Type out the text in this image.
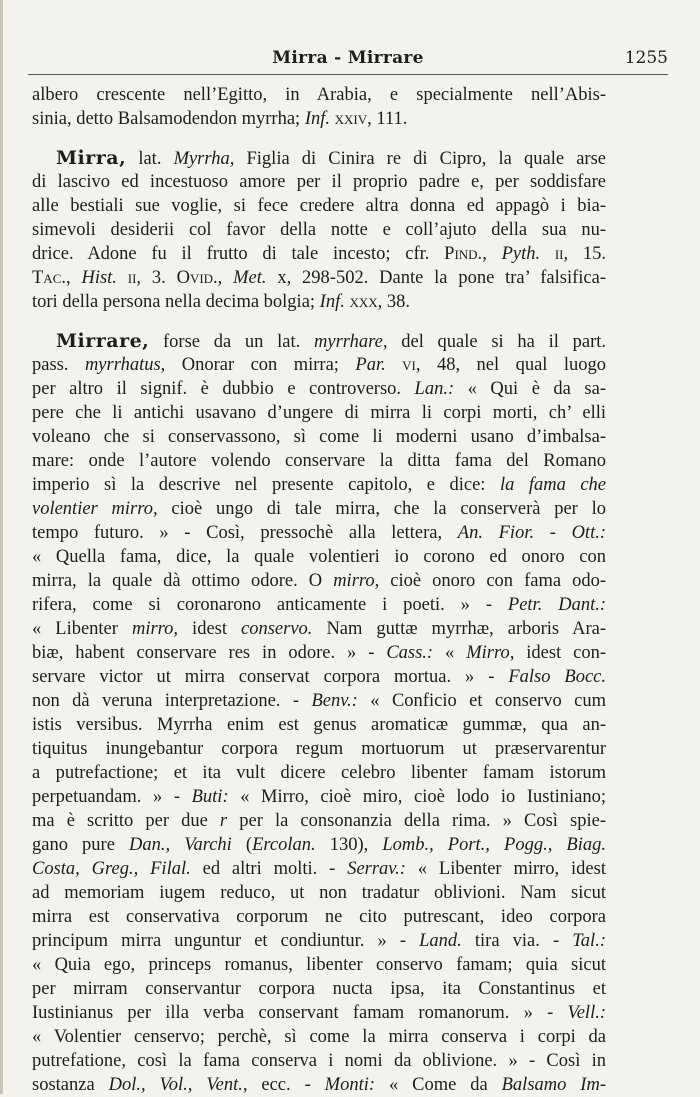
Mirra - Mirrare	1255
albero crescente nell’Egitto, in Arabia, e specialmente nell’Abis-
sinia, detto Balsamodendon myrrha; Inf. xxiv, 111.
Mirra, lat. Myrrha, Figlia di Cinira re di Cipro, la quale arse
di lascivo ed incestuoso amore per il proprio padre e, per soddisfare
alle bestiali sue voglie, si fece credere altra donna ed appagò i bia-
simevoli desiderii col favor della notte e coll’ajuto della sua nu-
drice. Adone fu il frutto di tale incesto; cfr. Pind., Pyth. ii, 15.
Tac., Hist. ii, 3. Ovid., Met. x, 298-502. Dante la pone tra’ falsifica-
tori della persona nella decima bolgia; Inf. xxx, 38.
Mirrare, forse da un lat. myrrhare, del quale si ha il part.
pass. myrrhatus, Onorar con mirra; Par. vi, 48, nel qual luogo
per altro il signif. è dubbio e controverso. Lan.: « Qui è da sa-
pere che li antichi usavano d’ungere di mirra li corpi morti, ch’ elli
voleano che si conservassono, sì come li moderni usano d’imbalsa-
mare: onde l’autore volendo conservare la ditta fama del Romano
imperio sì la descrive nel presente capitolo, e dice: la fama che
volentier mirro, cioè ungo di tale mirra, che la conserverà per lo
tempo futuro. » - Così, pressochè alla lettera, An. Fior. - Ott.:
« Quella fama, dice, la quale volentieri io corono ed onoro con
mirra, la quale dà ottimo odore. O mirro, cioè onoro con fama odo-
rifera, come si coronarono anticamente i poeti. » - Petr. Dant.:
« Libenter mirro, idest conservo. Nam guttæ myrrhæ, arboris Ara-
biæ, habent conservare res in odore. » - Cass.: « Mirro, idest con-
servare victor ut mirra conservat corpora mortua. » - Falso Bocc.
non dà veruna interpretazione. - Benv.: « Conficio et conservo cum
istis versibus. Myrrha enim est genus aromaticæ gummæ, qua an-
tiquitus inungebantur corpora regum mortuorum ut præservarentur
a putrefactione; et ita vult dicere celebro libenter famam istorum
perpetuandam. » - Buti: « Mirro, cioè miro, cioè lodo io Iustiniano;
ma è scritto per due r per la consonanzia della rima. » Così spie-
gano pure Dan., Varchi (Ercolan. 130), Lomb., Port., Pogg., Biag.
Costa, Greg., Filal. ed altri molti. - Serrav.: « Libenter mirro, idest
ad memoriam iugem reduco, ut non tradatur oblivioni. Nam sicut
mirra est conservativa corporum ne cito putrescant, ideo corpora
principum mirra unguntur et condiuntur. » - Land. tira via. - Tal.:
« Quia ego, princeps romanus, libenter conservo famam; quia sicut
per mirram conservantur corpora nucta ipsa, ita Constantinus et
Iustinianus per illa verba conservant famam romanorum. » - Vell.:
« Volentier censervo; perchè, sì come la mirra conserva i corpi da
putrefatione, così la fama conserva i nomi da oblivione. » - Così in
sostanza Dol., Vol., Vent., ecc. - Monti: « Come da Balsamo Im-
